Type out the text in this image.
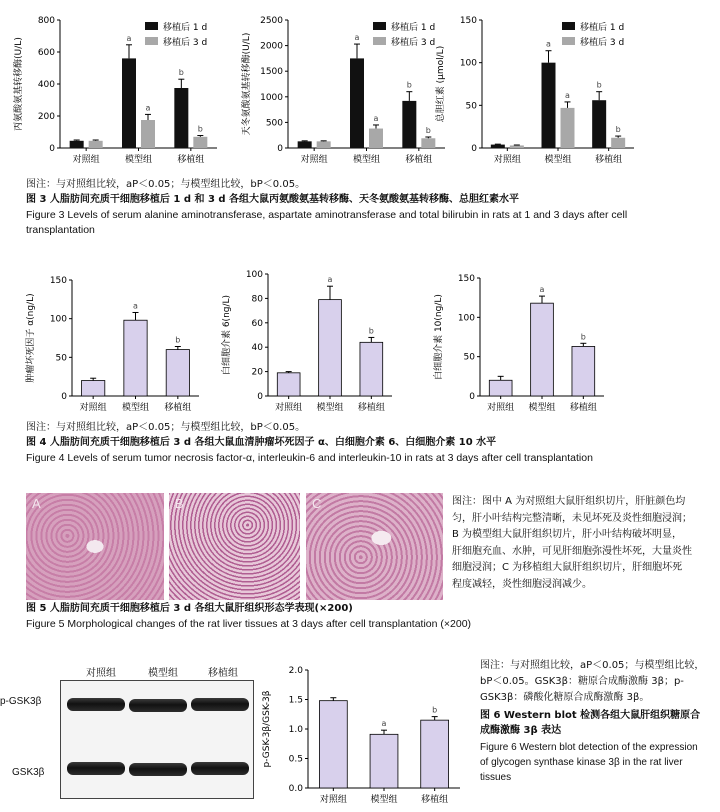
丙氨酸氨基转移酶(U/L)
0
200
400
600
800
对照组	模型组
a
a
移植组
b
b
移植后 1 d
移植后 3 d	天冬氨酸氨基转移酶(U/L)
0
500
1000
1500
2000
2500
对照组	模型组
a
a
移植组
b
b
移植后 1 d
移植后 3 d
总胆红素 (μmol/L)
0
50
100
150
对照组	模型组
a
a
移植组
b
b
移植后 1 d
移植后 3 d
图注：与对照组比较，aP＜0.05；与模型组比较，bP＜0.05。
图 3 人脂肪间充质干细胞移植后 1 d 和 3 d 各组大鼠丙氨酸氨基转移酶、天冬氨酸氨基转移酶、总胆红素水平
Figure 3 Levels of serum alanine aminotransferase, aspartate aminotransferase and total bilirubin in rats at 1 and 3 days after cell
transplantation
肿瘤坏死因子 α(ng/L)
0
50
100
150
对照组 模型组
a
移植组
b	白细胞介素 6(ng/L)
0
20
40
60
80
100
对照组 模型组
a
移植组
b	白细胞介素 10(ng/L)
0
50
100
150
对照组 模型组
a
移植组
b
图注：与对照组比较，aP＜0.05；与模型组比较，bP＜0.05。
图 4 人脂肪间充质干细胞移植后 3 d 各组大鼠血清肿瘤坏死因子 α、白细胞介素 6、白细胞介素 10 水平
Figure 4 Levels of serum tumor necrosis factor-α, interleukin-6 and interleukin-10 in rats at 3 days after cell transplantation
A	B	C	图注：图中 A 为对照组大鼠肝组织切片，肝脏颜色均匀，肝小叶结构完整清晰，未见坏死及炎性细胞浸润；B 为模型组大鼠肝组织切片，肝小叶结构破坏明显，肝细胞充血、水肿，可见肝细胞弥漫性坏死，大量炎性细胞浸润；C 为移植组大鼠肝组织切片，肝细胞坏死程度减轻，炎性细胞浸润减少。
图 5 人脂肪间充质干细胞移植后 3 d 各组大鼠肝组织形态学表现(×200)
Figure 5 Morphological changes of the rat liver tissues at 3 days after cell transplantation (×200)
对照组	模型组	移植组
p-GSK3β
GSK3β
p-GSK-3β/GSK-3β
0.0
0.5
1.0
1.5
2.0
对照组	模型组
a
移植组
b
图注：与对照组比较，aP＜0.05；与模型组比较，bP＜0.05。GSK3β：糖原合成酶激酶 3β；p-GSK3β：磷酸化糖原合成酶激酶 3β。
图 6 Western blot 检测各组大鼠肝组织糖原合成酶激酶 3β 表达
Figure 6 Western blot detection of the expression of glycogen synthase kinase 3β in the rat liver tissues
